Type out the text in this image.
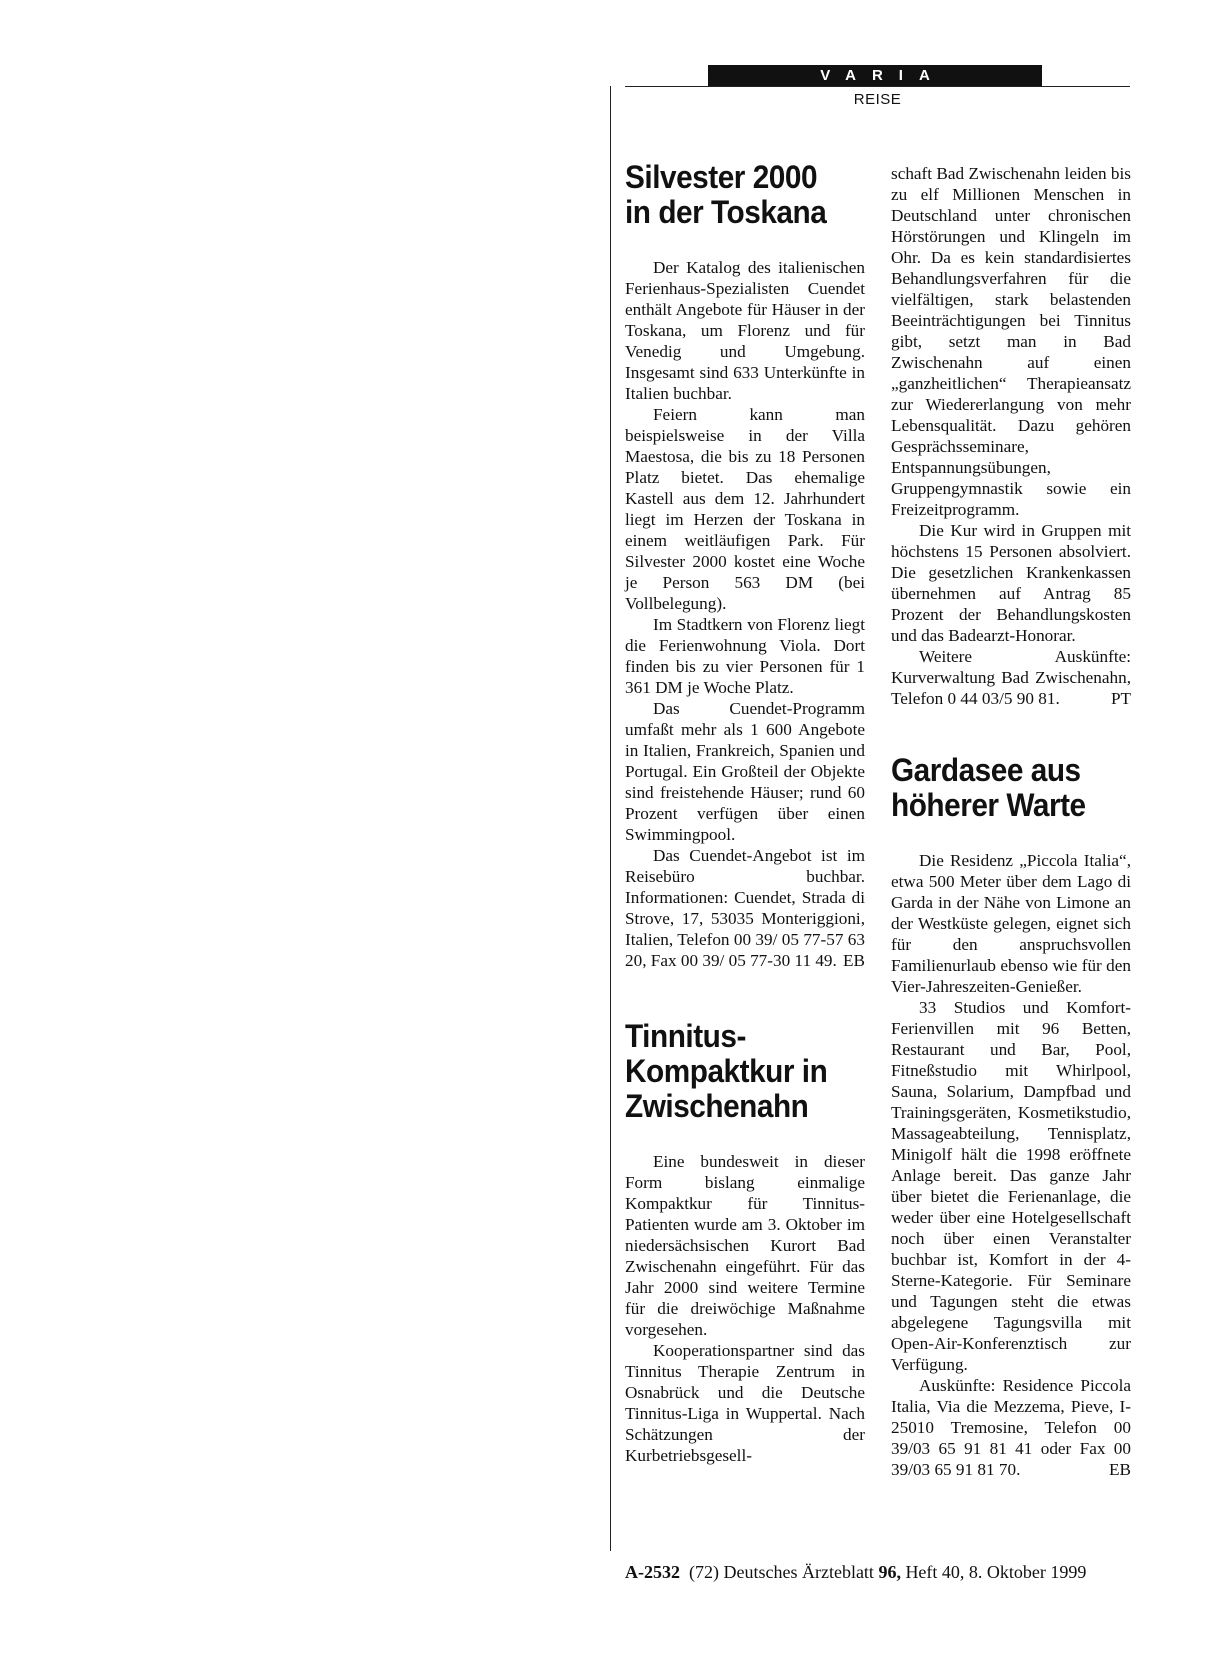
VARIA
REISE
Silvester 2000
in der Toskana

Der Katalog des italienischen Ferienhaus-Spezialisten Cuendet enthält Angebote für Häuser in der Toskana, um Florenz und für Venedig und Umgebung. Insgesamt sind 633 Unterkünfte in Italien buchbar.

Feiern kann man beispielsweise in der Villa Maestosa, die bis zu 18 Personen Platz bietet. Das ehemalige Kastell aus dem 12. Jahrhundert liegt im Herzen der Toskana in einem weitläufigen Park. Für Silvester 2000 kostet eine Woche je Person 563 DM (bei Vollbelegung).

Im Stadtkern von Florenz liegt die Ferienwohnung Viola. Dort finden bis zu vier Personen für 1 361 DM je Woche Platz.

Das Cuendet-Programm umfaßt mehr als 1 600 Angebote in Italien, Frankreich, Spanien und Portugal. Ein Großteil der Objekte sind freistehende Häuser; rund 60 Prozent verfügen über einen Swimmingpool.

Das Cuendet-Angebot ist im Reisebüro buchbar. Informationen: Cuendet, Strada di Strove, 17, 53035 Monteriggioni, Italien, Telefon 00 39/ 05 77-57 63 20, Fax 00 39/ 05 77-30 11 49. EB
Tinnitus-
Kompaktkur in
Zwischenahn

Eine bundesweit in dieser Form bislang einmalige Kompaktkur für Tinnitus-Patienten wurde am 3. Oktober im niedersächsischen Kurort Bad Zwischenahn eingeführt. Für das Jahr 2000 sind weitere Termine für die dreiwöchige Maßnahme vorgesehen.

Kooperationspartner sind das Tinnitus Therapie Zentrum in Osnabrück und die Deutsche Tinnitus-Liga in Wuppertal. Nach Schätzungen der Kurbetriebsgesell-

schaft Bad Zwischenahn leiden bis zu elf Millionen Menschen in Deutschland unter chronischen Hörstörungen und Klingeln im Ohr. Da es kein standardisiertes Behandlungsverfahren für die vielfältigen, stark belastenden Beeinträchtigungen bei Tinnitus gibt, setzt man in Bad Zwischenahn auf einen „ganzheitlichen“ Therapieansatz zur Wiedererlangung von mehr Lebensqualität. Dazu gehören Gesprächsseminare, Entspannungsübungen, Gruppengymnastik sowie ein Freizeitprogramm.

Die Kur wird in Gruppen mit höchstens 15 Personen absolviert. Die gesetzlichen Krankenkassen übernehmen auf Antrag 85 Prozent der Behandlungskosten und das Badearzt-Honorar.

Weitere Auskünfte: Kurverwaltung Bad Zwischenahn, Telefon 0 44 03/5 90 81.	PT
Gardasee aus
höherer Warte

Die Residenz „Piccola Italia“, etwa 500 Meter über dem Lago di Garda in der Nähe von Limone an der Westküste gelegen, eignet sich für den anspruchsvollen Familienurlaub ebenso wie für den Vier-Jahreszeiten-Genießer.

33 Studios und Komfort-Ferienvillen mit 96 Betten, Restaurant und Bar, Pool, Fitneßstudio mit Whirlpool, Sauna, Solarium, Dampfbad und Trainingsgeräten, Kosmetikstudio, Massageabteilung, Tennisplatz, Minigolf hält die 1998 eröffnete Anlage bereit. Das ganze Jahr über bietet die Ferienanlage, die weder über eine Hotelgesellschaft noch über einen Veranstalter buchbar ist, Komfort in der 4-Sterne-Kategorie. Für Seminare und Tagungen steht die etwas abgelegene Tagungsvilla mit Open-Air-Konferenztisch zur Verfügung.

Auskünfte: Residence Piccola Italia, Via die Mezzema, Pieve, I-25010 Tremosine, Telefon 00 39/03 65 91 81 41 oder Fax 00 39/03 65 91 81 70.	EB
A-2532 (72) Deutsches Ärzteblatt 96, Heft 40, 8. Oktober 1999
